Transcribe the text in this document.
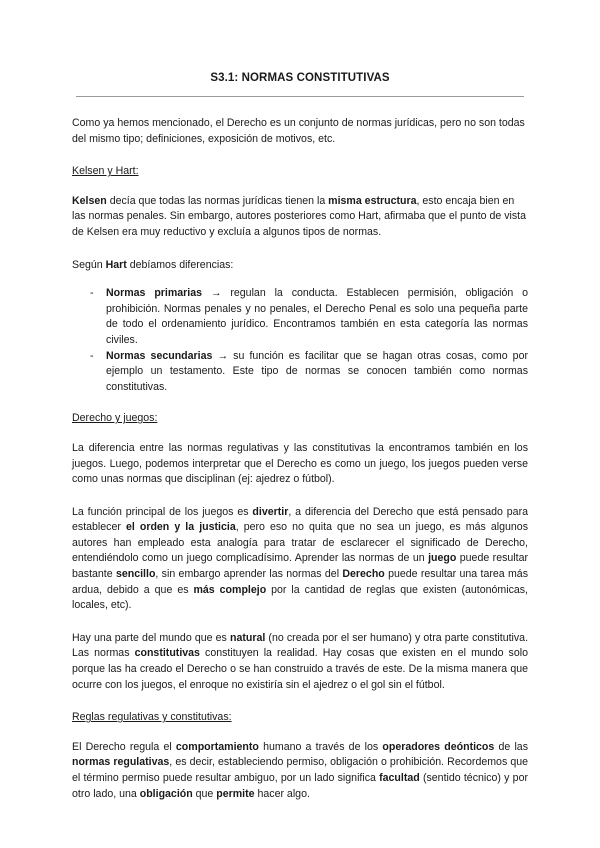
S3.1: NORMAS CONSTITUTIVAS

Como ya hemos mencionado, el Derecho es un conjunto de normas jurídicas, pero no son todas del mismo tipo; definiciones, exposición de motivos, etc.

Kelsen y Hart:

Kelsen decía que todas las normas jurídicas tienen la misma estructura, esto encaja bien en las normas penales. Sin embargo, autores posteriores como Hart, afirmaba que el punto de vista de Kelsen era muy reductivo y excluía a algunos tipos de normas.

Según Hart debíamos diferencias:

- Normas primarias → regulan la conducta. Establecen permisión, obligación o prohibición. Normas penales y no penales, el Derecho Penal es solo una pequeña parte de todo el ordenamiento jurídico. Encontramos también en esta categoría las normas civiles.
- Normas secundarias → su función es facilitar que se hagan otras cosas, como por ejemplo un testamento. Este tipo de normas se conocen también como normas constitutivas.

Derecho y juegos:

La diferencia entre las normas regulativas y las constitutivas la encontramos también en los juegos. Luego, podemos interpretar que el Derecho es como un juego, los juegos pueden verse como unas normas que disciplinan (ej: ajedrez o fútbol).

La función principal de los juegos es divertir, a diferencia del Derecho que está pensado para establecer el orden y la justicia, pero eso no quita que no sea un juego, es más algunos autores han empleado esta analogía para tratar de esclarecer el significado de Derecho, entendiéndolo como un juego complicadísimo. Aprender las normas de un juego puede resultar bastante sencillo, sin embargo aprender las normas del Derecho puede resultar una tarea más ardua, debido a que es más complejo por la cantidad de reglas que existen (autonómicas, locales, etc).

Hay una parte del mundo que es natural (no creada por el ser humano) y otra parte constitutiva. Las normas constitutivas constituyen la realidad. Hay cosas que existen en el mundo solo porque las ha creado el Derecho o se han construido a través de este. De la misma manera que ocurre con los juegos, el enroque no existiría sin el ajedrez o el gol sin el fútbol.

Reglas regulativas y constitutivas:

El Derecho regula el comportamiento humano a través de los operadores deónticos de las normas regulativas, es decir, estableciendo permiso, obligación o prohibición. Recordemos que el término permiso puede resultar ambiguo, por un lado significa facultad (sentido técnico) y por otro lado, una obligación que permite hacer algo.
